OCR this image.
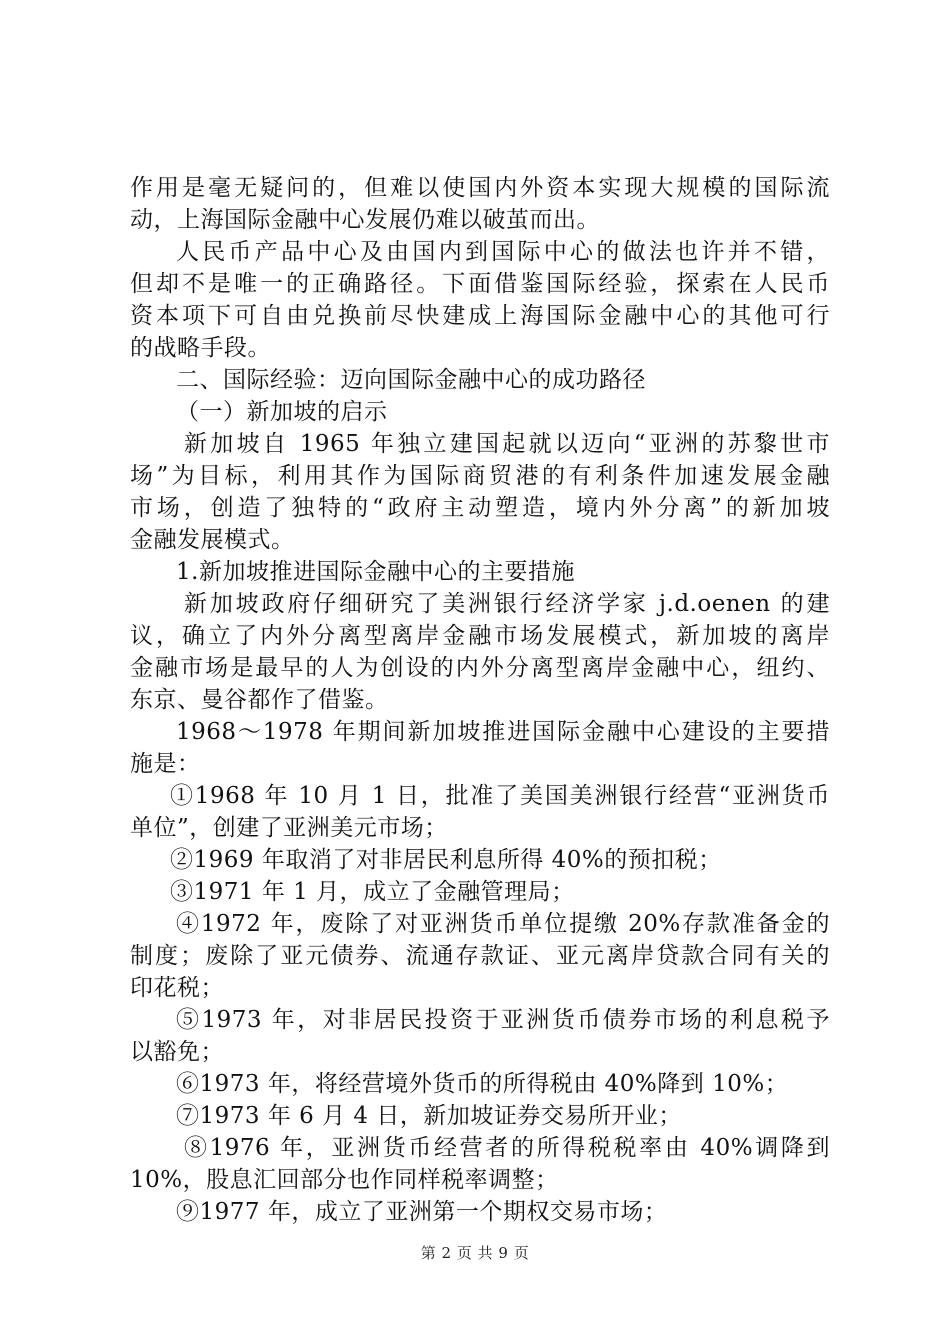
作用是毫无疑问的，但难以使国内外资本实现大规模的国际流
动，上海国际金融中心发展仍难以破茧而出。
人民币产品中心及由国内到国际中心的做法也许并不错，
但却不是唯一的正确路径。下面借鉴国际经验，探索在人民币
资本项下可自由兑换前尽快建成上海国际金融中心的其他可行
的战略手段。
二、国际经验：迈向国际金融中心的成功路径
（一）新加坡的启示
新加坡自 1965 年独立建国起就以迈向“亚洲的苏黎世市
场”为目标，利用其作为国际商贸港的有利条件加速发展金融
市场，创造了独特的“政府主动塑造，境内外分离”的新加坡
金融发展模式。
1.新加坡推进国际金融中心的主要措施
新加坡政府仔细研究了美洲银行经济学家 j.d.oenen 的建
议，确立了内外分离型离岸金融市场发展模式，新加坡的离岸
金融市场是最早的人为创设的内外分离型离岸金融中心，纽约、
东京、曼谷都作了借鉴。
1968～1978 年期间新加坡推进国际金融中心建设的主要措
施是：
①1968 年 10 月 1 日，批准了美国美洲银行经营“亚洲货币
单位”，创建了亚洲美元市场；
②1969 年取消了对非居民利息所得 40%的预扣税；
③1971 年 1 月，成立了金融管理局；
④1972 年，废除了对亚洲货币单位提缴 20%存款准备金的
制度；废除了亚元债券、流通存款证、亚元离岸贷款合同有关的
印花税；
⑤1973 年，对非居民投资于亚洲货币债券市场的利息税予
以豁免；
⑥1973 年，将经营境外货币的所得税由 40%降到 10%；
⑦1973 年 6 月 4 日，新加坡证券交易所开业；
⑧1976 年，亚洲货币经营者的所得税税率由 40%调降到
10%，股息汇回部分也作同样税率调整；
⑨1977 年，成立了亚洲第一个期权交易市场；
第 2 页 共 9 页
